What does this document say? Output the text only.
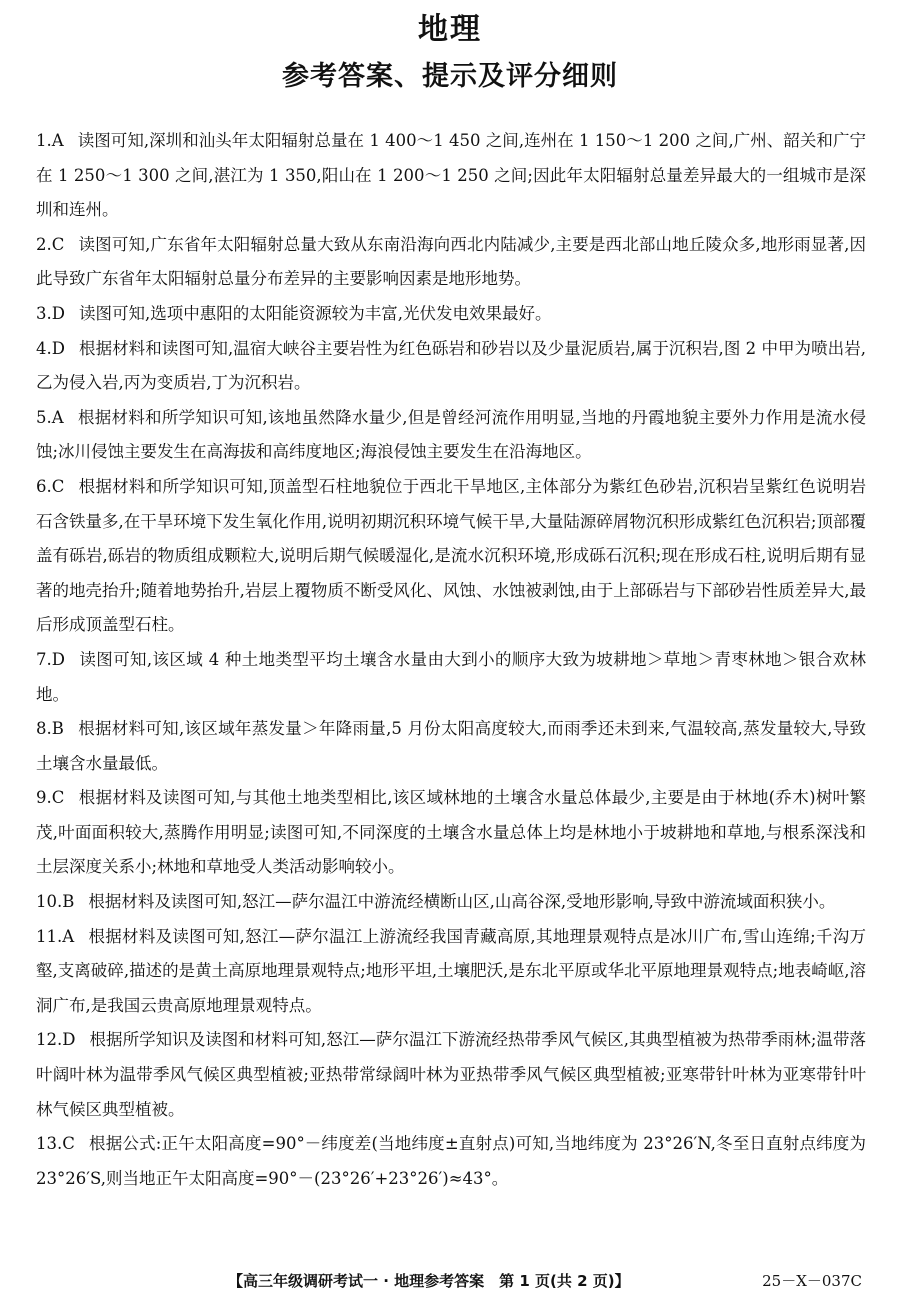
地理
参考答案、提示及评分细则
1.A 读图可知,深圳和汕头年太阳辐射总量在 1 400～1 450 之间,连州在 1 150～1 200 之间,广州、韶关和广宁在 1 250～1 300 之间,湛江为 1 350,阳山在 1 200～1 250 之间;因此年太阳辐射总量差异最大的一组城市是深圳和连州。
2.C 读图可知,广东省年太阳辐射总量大致从东南沿海向西北内陆减少,主要是西北部山地丘陵众多,地形雨显著,因此导致广东省年太阳辐射总量分布差异的主要影响因素是地形地势。
3.D 读图可知,选项中惠阳的太阳能资源较为丰富,光伏发电效果最好。
4.D 根据材料和读图可知,温宿大峡谷主要岩性为红色砾岩和砂岩以及少量泥质岩,属于沉积岩,图 2 中甲为喷出岩,乙为侵入岩,丙为变质岩,丁为沉积岩。
5.A 根据材料和所学知识可知,该地虽然降水量少,但是曾经河流作用明显,当地的丹霞地貌主要外力作用是流水侵蚀;冰川侵蚀主要发生在高海拔和高纬度地区;海浪侵蚀主要发生在沿海地区。
6.C 根据材料和所学知识可知,顶盖型石柱地貌位于西北干旱地区,主体部分为紫红色砂岩,沉积岩呈紫红色说明岩石含铁量多,在干旱环境下发生氧化作用,说明初期沉积环境气候干旱,大量陆源碎屑物沉积形成紫红色沉积岩;顶部覆盖有砾岩,砾岩的物质组成颗粒大,说明后期气候暖湿化,是流水沉积环境,形成砾石沉积;现在形成石柱,说明后期有显著的地壳抬升;随着地势抬升,岩层上覆物质不断受风化、风蚀、水蚀被剥蚀,由于上部砾岩与下部砂岩性质差异大,最后形成顶盖型石柱。
7.D 读图可知,该区域 4 种土地类型平均土壤含水量由大到小的顺序大致为坡耕地＞草地＞青枣林地＞银合欢林地。
8.B 根据材料可知,该区域年蒸发量＞年降雨量,5 月份太阳高度较大,而雨季还未到来,气温较高,蒸发量较大,导致土壤含水量最低。
9.C 根据材料及读图可知,与其他土地类型相比,该区域林地的土壤含水量总体最少,主要是由于林地(乔木)树叶繁茂,叶面面积较大,蒸腾作用明显;读图可知,不同深度的土壤含水量总体上均是林地小于坡耕地和草地,与根系深浅和土层深度关系小;林地和草地受人类活动影响较小。
10.B 根据材料及读图可知,怒江—萨尔温江中游流经横断山区,山高谷深,受地形影响,导致中游流域面积狭小。
11.A 根据材料及读图可知,怒江—萨尔温江上游流经我国青藏高原,其地理景观特点是冰川广布,雪山连绵;千沟万壑,支离破碎,描述的是黄土高原地理景观特点;地形平坦,土壤肥沃,是东北平原或华北平原地理景观特点;地表崎岖,溶洞广布,是我国云贵高原地理景观特点。
12.D 根据所学知识及读图和材料可知,怒江—萨尔温江下游流经热带季风气候区,其典型植被为热带季雨林;温带落叶阔叶林为温带季风气候区典型植被;亚热带常绿阔叶林为亚热带季风气候区典型植被;亚寒带针叶林为亚寒带针叶林气候区典型植被。
13.C 根据公式:正午太阳高度=90°－纬度差(当地纬度±直射点)可知,当地纬度为 23°26′N,冬至日直射点纬度为 23°26′S,则当地正午太阳高度=90°－(23°26′+23°26′)≈43°。
【高三年级调研考试一 · 地理参考答案　第 1 页(共 2 页)】	25－X－037C
